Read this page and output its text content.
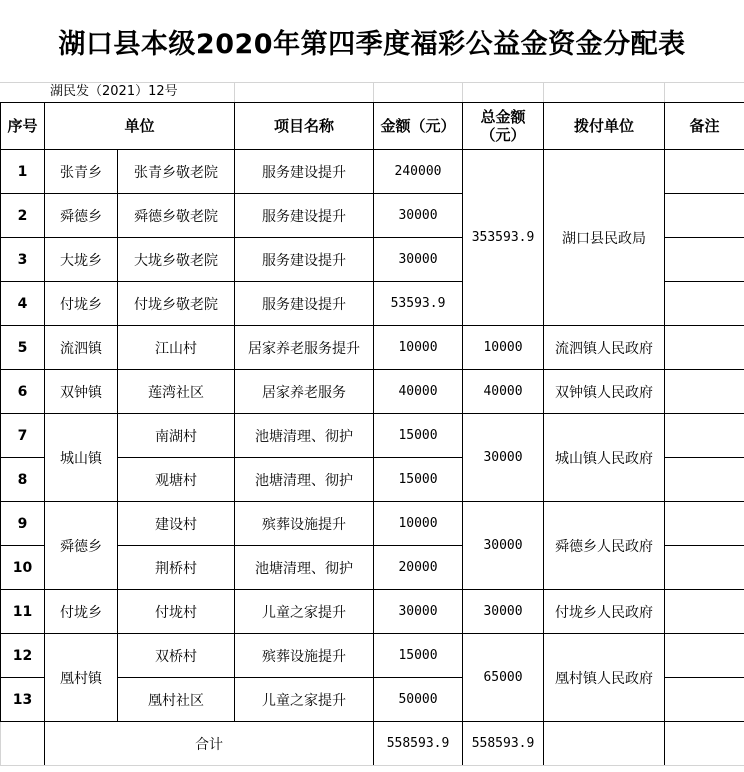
湖口县本级2020年第四季度福彩公益金资金分配表
湖民发（2021）12号
序号	单位		项目名称	金额（元）	总金额（元）	拨付单位	备注
1	张青乡	张青乡敬老院	服务建设提升	240000	353593.9	湖口县民政局	
2	舜德乡	舜德乡敬老院	服务建设提升	30000			
3	大垅乡	大垅乡敬老院	服务建设提升	30000			
4	付垅乡	付垅乡敬老院	服务建设提升	53593.9			
5	流泗镇	江山村	居家养老服务提升	10000	10000	流泗镇人民政府	
6	双钟镇	莲湾社区	居家养老服务	40000	40000	双钟镇人民政府	
7	城山镇	南湖村	池塘清理、彻护	15000	30000	城山镇人民政府	
8		观塘村	池塘清理、彻护	15000			
9	舜德乡	建设村	殡葬设施提升	10000	30000	舜德乡人民政府	
10		荆桥村	池塘清理、彻护	20000			
11	付垅乡	付垅村	儿童之家提升	30000	30000	付垅乡人民政府	
12	凰村镇	双桥村	殡葬设施提升	15000	65000	凰村镇人民政府	
13		凰村社区	儿童之家提升	50000			
	合计			558593.9	558593.9		
